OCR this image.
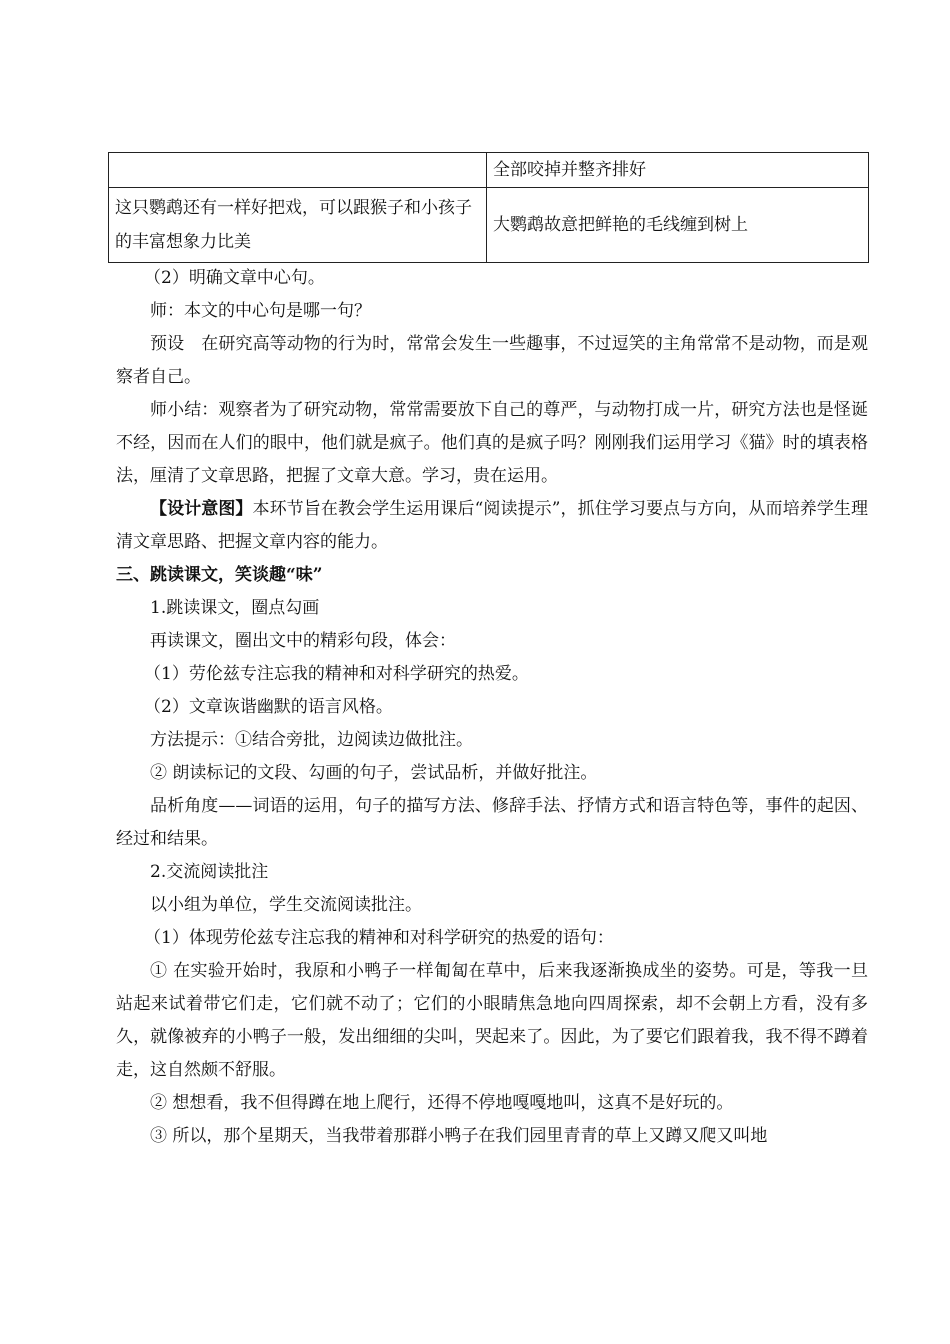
	全部咬掉并整齐排好
这只鹦鹉还有一样好把戏，可以跟猴子和小孩子的丰富想象力比美	大鹦鹉故意把鲜艳的毛线缠到树上

（2）明确文章中心句。

师：本文的中心句是哪一句？

预设　在研究高等动物的行为时，常常会发生一些趣事，不过逗笑的主角常常不是动物，而是观察者自己。

师小结：观察者为了研究动物，常常需要放下自己的尊严，与动物打成一片，研究方法也是怪诞不经，因而在人们的眼中，他们就是疯子。他们真的是疯子吗？刚刚我们运用学习《猫》时的填表格法，厘清了文章思路，把握了文章大意。学习，贵在运用。

【设计意图】本环节旨在教会学生运用课后“阅读提示”，抓住学习要点与方向，从而培养学生理清文章思路、把握文章内容的能力。

三、跳读课文，笑谈趣“味”

1.跳读课文，圈点勾画

再读课文，圈出文中的精彩句段，体会：

（1）劳伦兹专注忘我的精神和对科学研究的热爱。

（2）文章诙谐幽默的语言风格。

方法提示：①结合旁批，边阅读边做批注。

② 朗读标记的文段、勾画的句子，尝试品析，并做好批注。

品析角度——词语的运用，句子的描写方法、修辞手法、抒情方式和语言特色等，事件的起因、经过和结果。

2.交流阅读批注

以小组为单位，学生交流阅读批注。

（1）体现劳伦兹专注忘我的精神和对科学研究的热爱的语句：

① 在实验开始时，我原和小鸭子一样匍匐在草中，后来我逐渐换成坐的姿势。可是，等我一旦站起来试着带它们走，它们就不动了；它们的小眼睛焦急地向四周探索，却不会朝上方看，没有多久，就像被弃的小鸭子一般，发出细细的尖叫，哭起来了。因此，为了要它们跟着我，我不得不蹲着走，这自然颇不舒服。

② 想想看，我不但得蹲在地上爬行，还得不停地嘎嘎地叫，这真不是好玩的。

③ 所以，那个星期天，当我带着那群小鸭子在我们园里青青的草上又蹲又爬又叫地
